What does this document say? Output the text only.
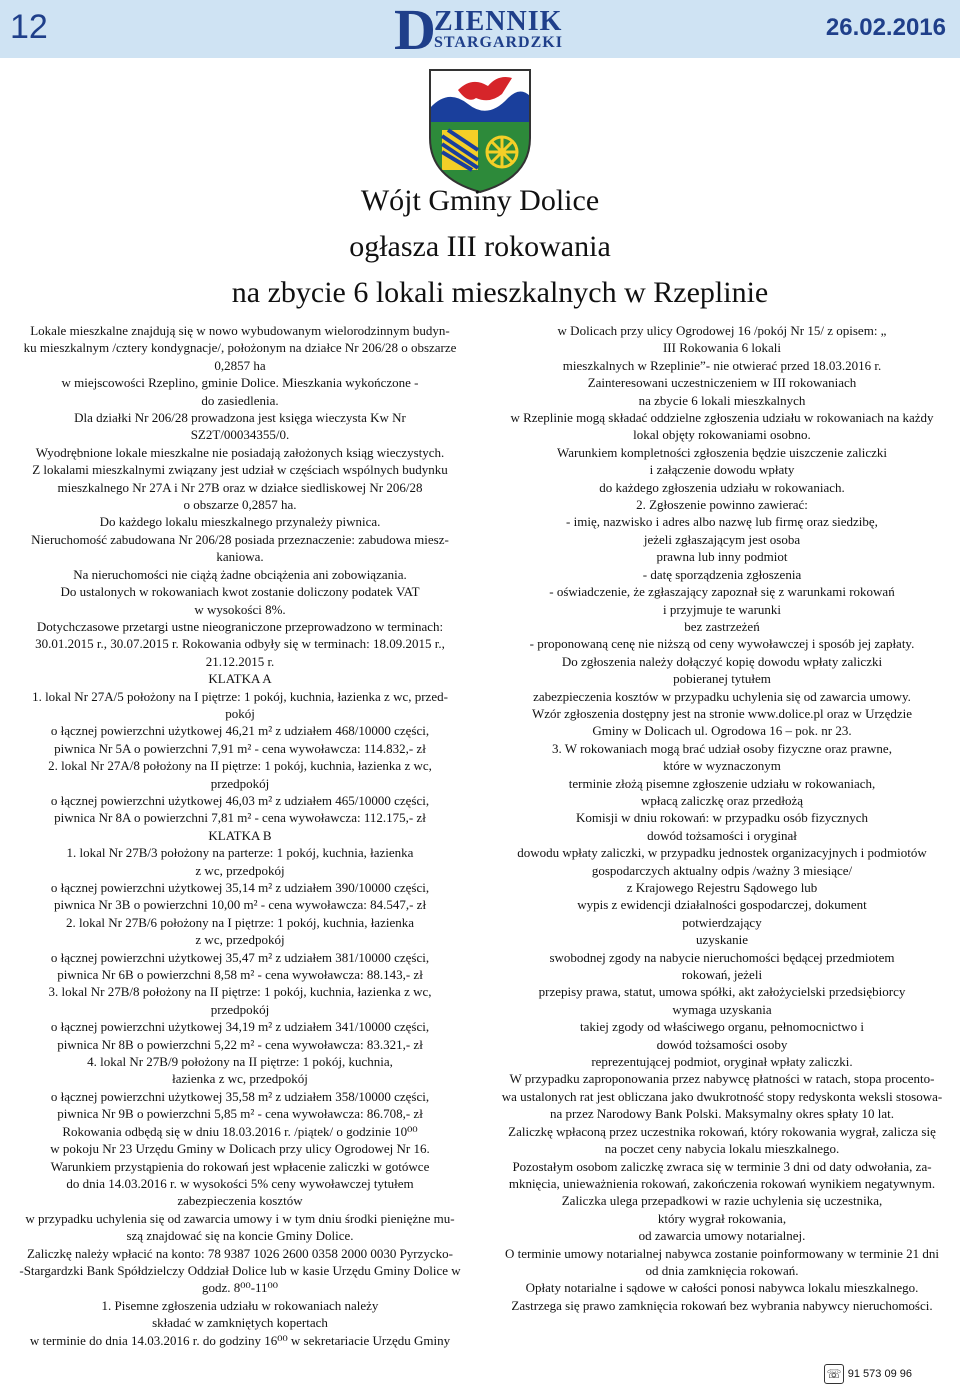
12	D
ZIENNIK
STARGARDZKI
26.02.2016
Wójt Gminy Dolice
ogłasza III rokowania
na zbycie 6 lokali mieszkalnych w Rzeplinie

Lokale mieszkalne znajdują się w nowo wybudowanym wielorodzinnym budyn-

ku mieszkalnym /cztery kondygnacje/, położonym na działce Nr 206/28 o obszarze

0,2857 ha

w miejscowości Rzeplino, gminie Dolice. Mieszkania wykończone -

do zasiedlenia.

Dla działki Nr 206/28 prowadzona jest księga wieczysta Kw Nr

SZ2T/00034355/0.

Wyodrębnione lokale mieszkalne nie posiadają założonych ksiąg wieczystych.

Z lokalami mieszkalnymi związany jest udział w częściach wspólnych budynku

mieszkalnego Nr 27A i Nr 27B oraz w działce siedliskowej Nr 206/28

o obszarze 0,2857 ha.

Do każdego lokalu mieszkalnego przynależy piwnica.

Nieruchomość zabudowana Nr 206/28 posiada przeznaczenie: zabudowa miesz-

kaniowa.

Na nieruchomości nie ciążą żadne obciążenia ani zobowiązania.

Do ustalonych w rokowaniach kwot zostanie doliczony podatek VAT

w wysokości 8%.

Dotychczasowe przetargi ustne nieograniczone przeprowadzono w terminach:

30.01.2015 r., 30.07.2015 r. Rokowania odbyły się w terminach: 18.09.2015 r.,

21.12.2015 r.

KLATKA A

1. lokal Nr 27A/5 położony na I piętrze: 1 pokój, kuchnia, łazienka z wc, przed-

pokój

o łącznej powierzchni użytkowej 46,21 m² z udziałem 468/10000 części,

piwnica Nr 5A o powierzchni 7,91 m² - cena wywoławcza: 114.832,- zł

2. lokal Nr 27A/8 położony na II piętrze: 1 pokój, kuchnia, łazienka z wc,

przedpokój

o łącznej powierzchni użytkowej 46,03 m² z udziałem 465/10000 części,

piwnica Nr 8A o powierzchni 7,81 m² - cena wywoławcza: 112.175,- zł

KLATKA B

1. lokal Nr 27B/3 położony na parterze: 1 pokój, kuchnia, łazienka

z wc, przedpokój

o łącznej powierzchni użytkowej 35,14 m² z udziałem 390/10000 części,

piwnica Nr 3B o powierzchni 10,00 m² - cena wywoławcza: 84.547,- zł

2. lokal Nr 27B/6 położony na I piętrze: 1 pokój, kuchnia, łazienka

z wc, przedpokój

o łącznej powierzchni użytkowej 35,47 m² z udziałem 381/10000 części,

piwnica Nr 6B o powierzchni 8,58 m² - cena wywoławcza: 88.143,- zł

3. lokal Nr 27B/8 położony na II piętrze: 1 pokój, kuchnia, łazienka z wc,

przedpokój

o łącznej powierzchni użytkowej 34,19 m² z udziałem 341/10000 części,

piwnica Nr 8B o powierzchni 5,22 m² - cena wywoławcza: 83.321,- zł

4. lokal Nr 27B/9 położony na II piętrze: 1 pokój, kuchnia,

łazienka z wc, przedpokój

o łącznej powierzchni użytkowej 35,58 m² z udziałem 358/10000 części,

piwnica Nr 9B o powierzchni 5,85 m² - cena wywoławcza: 86.708,- zł

Rokowania odbędą się w dniu 18.03.2016 r. /piątek/ o godzinie 10⁰⁰

w pokoju Nr 23 Urzędu Gminy w Dolicach przy ulicy Ogrodowej Nr 16.

Warunkiem przystąpienia do rokowań jest wpłacenie zaliczki w gotówce

do dnia 14.03.2016 r. w wysokości 5% ceny wywoławczej tytułem

zabezpieczenia kosztów

w przypadku uchylenia się od zawarcia umowy i w tym dniu środki pieniężne mu-

szą znajdować się na koncie Gminy Dolice.

Zaliczkę należy wpłacić na konto: 78 9387 1026 2600 0358 2000 0030 Pyrzycko-

-Stargardzki Bank Spółdzielczy Oddział Dolice lub w kasie Urzędu Gminy Dolice w

godz. 8⁰⁰-11⁰⁰

1. Pisemne zgłoszenia udziału w rokowaniach należy

składać w zamkniętych kopertach

w terminie do dnia 14.03.2016 r. do godziny 16⁰⁰ w sekretariacie Urzędu Gminy

w Dolicach przy ulicy Ogrodowej 16 /pokój Nr 15/ z opisem: „

III Rokowania 6 lokali

mieszkalnych w Rzeplinie”- nie otwierać przed 18.03.2016 r.

Zainteresowani uczestniczeniem w III rokowaniach

na zbycie 6 lokali mieszkalnych

w Rzeplinie mogą składać oddzielne zgłoszenia udziału w rokowaniach na każdy

lokal objęty rokowaniami osobno.

Warunkiem kompletności zgłoszenia będzie uiszczenie zaliczki

i załączenie dowodu wpłaty

do każdego zgłoszenia udziału w rokowaniach.

2. Zgłoszenie powinno zawierać:

- imię, nazwisko i adres albo nazwę lub firmę oraz siedzibę,

jeżeli zgłaszającym jest osoba

prawna lub inny podmiot

- datę sporządzenia zgłoszenia

- oświadczenie, że zgłaszający zapoznał się z warunkami rokowań

i przyjmuje te warunki

bez zastrzeżeń

- proponowaną cenę nie niższą od ceny wywoławczej i sposób jej zapłaty.

Do zgłoszenia należy dołączyć kopię dowodu wpłaty zaliczki

pobieranej tytułem

zabezpieczenia kosztów w przypadku uchylenia się od zawarcia umowy.

Wzór zgłoszenia dostępny jest na stronie www.dolice.pl oraz w Urzędzie

Gminy w Dolicach ul. Ogrodowa 16 – pok. nr 23.

3. W rokowaniach mogą brać udział osoby fizyczne oraz prawne,

które w wyznaczonym

terminie złożą pisemne zgłoszenie udziału w rokowaniach,

wpłacą zaliczkę oraz przedłożą

Komisji w dniu rokowań: w przypadku osób fizycznych

dowód tożsamości i oryginał

dowodu wpłaty zaliczki, w przypadku jednostek organizacyjnych i podmiotów

gospodarczych aktualny odpis /ważny 3 miesiące/

z Krajowego Rejestru Sądowego lub

wypis z ewidencji działalności gospodarczej, dokument

potwierdzający

uzyskanie

swobodnej zgody na nabycie nieruchomości będącej przedmiotem

rokowań, jeżeli

przepisy prawa, statut, umowa spółki, akt założycielski przedsiębiorcy

wymaga uzyskania

takiej zgody od właściwego organu, pełnomocnictwo i

dowód tożsamości osoby

reprezentującej podmiot, oryginał wpłaty zaliczki.

W przypadku zaproponowania przez nabywcę płatności w ratach, stopa procento-

wa ustalonych rat jest obliczana jako dwukrotność stopy redyskonta weksli stosowa-

na przez Narodowy Bank Polski. Maksymalny okres spłaty 10 lat.

Zaliczkę wpłaconą przez uczestnika rokowań, który rokowania wygrał, zalicza się

na poczet ceny nabycia lokalu mieszkalnego.

Pozostałym osobom zaliczkę zwraca się w terminie 3 dni od daty odwołania, za-

mknięcia, unieważnienia rokowań, zakończenia rokowań wynikiem negatywnym.

Zaliczka ulega przepadkowi w razie uchylenia się uczestnika,

który wygrał rokowania,

od zawarcia umowy notarialnej.

O terminie umowy notarialnej nabywca zostanie poinformowany w terminie 21 dni

od dnia zamknięcia rokowań.

Opłaty notarialne i sądowe w całości ponosi nabywca lokalu mieszkalnego.

Zastrzega się prawo zamknięcia rokowań bez wybrania nabywcy nieruchomości.

☏ 91 573 09 96
